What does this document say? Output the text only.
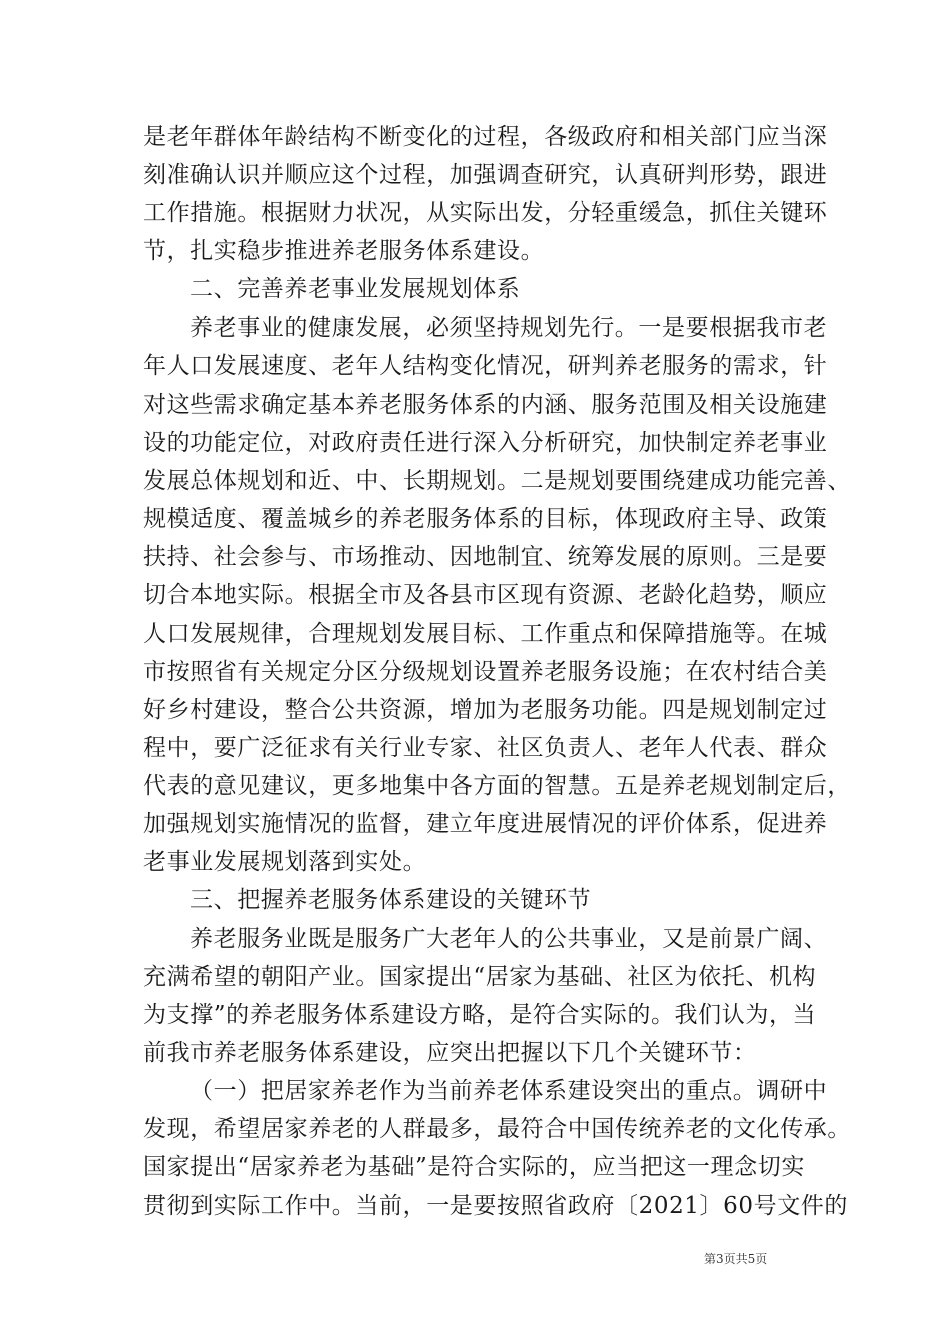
是老年群体年龄结构不断变化的过程，各级政府和相关部门应当深
刻准确认识并顺应这个过程，加强调查研究，认真研判形势，跟进
工作措施。根据财力状况，从实际出发，分轻重缓急，抓住关键环
节，扎实稳步推进养老服务体系建设。
二、完善养老事业发展规划体系
养老事业的健康发展，必须坚持规划先行。一是要根据我市老
年人口发展速度、老年人结构变化情况，研判养老服务的需求，针
对这些需求确定基本养老服务体系的内涵、服务范围及相关设施建
设的功能定位，对政府责任进行深入分析研究，加快制定养老事业
发展总体规划和近、中、长期规划。二是规划要围绕建成功能完善、
规模适度、覆盖城乡的养老服务体系的目标，体现政府主导、政策
扶持、社会参与、市场推动、因地制宜、统筹发展的原则。三是要
切合本地实际。根据全市及各县市区现有资源、老龄化趋势，顺应
人口发展规律，合理规划发展目标、工作重点和保障措施等。在城
市按照省有关规定分区分级规划设置养老服务设施；在农村结合美
好乡村建设，整合公共资源，增加为老服务功能。四是规划制定过
程中，要广泛征求有关行业专家、社区负责人、老年人代表、群众
代表的意见建议，更多地集中各方面的智慧。五是养老规划制定后，
加强规划实施情况的监督，建立年度进展情况的评价体系，促进养
老事业发展规划落到实处。
三、把握养老服务体系建设的关键环节
养老服务业既是服务广大老年人的公共事业，又是前景广阔、
充满希望的朝阳产业。国家提出“居家为基础、社区为依托、机构
为支撑”的养老服务体系建设方略，是符合实际的。我们认为，当
前我市养老服务体系建设，应突出把握以下几个关键环节：
（一）把居家养老作为当前养老体系建设突出的重点。调研中
发现，希望居家养老的人群最多，最符合中国传统养老的文化传承。
国家提出“居家养老为基础”是符合实际的，应当把这一理念切实
贯彻到实际工作中。当前，一是要按照省政府〔2021〕60号文件的
第3页共5页
